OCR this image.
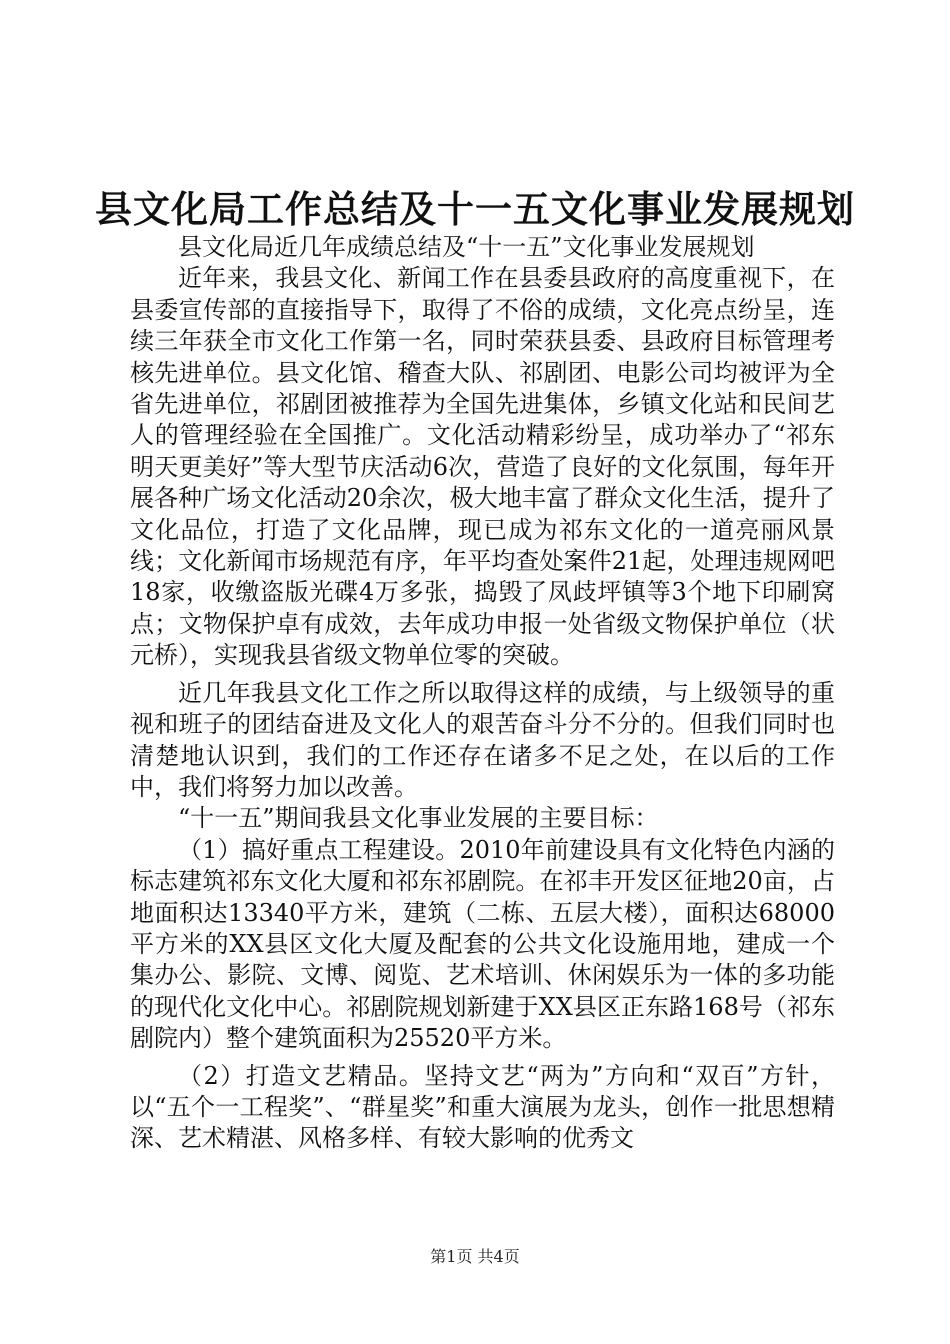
县文化局工作总结及十一五文化事业发展规划

县文化局近几年成绩总结及“十一五”文化事业发展规划

近年来，我县文化、新闻工作在县委县政府的高度重视下，在县委宣传部的直接指导下，取得了不俗的成绩，文化亮点纷呈，连续三年获全市文化工作第一名，同时荣获县委、县政府目标管理考核先进单位。县文化馆、稽查大队、祁剧团、电影公司均被评为全省先进单位，祁剧团被推荐为全国先进集体，乡镇文化站和民间艺人的管理经验在全国推广。文化活动精彩纷呈，成功举办了“祁东明天更美好”等大型节庆活动6次，营造了良好的文化氛围，每年开展各种广场文化活动20余次，极大地丰富了群众文化生活，提升了文化品位，打造了文化品牌，现已成为祁东文化的一道亮丽风景线；文化新闻市场规范有序，年平均查处案件21起，处理违规网吧18家，收缴盗版光碟4万多张，捣毁了凤歧坪镇等3个地下印刷窝点；文物保护卓有成效，去年成功申报一处省级文物保护单位（状元桥），实现我县省级文物单位零的突破。

近几年我县文化工作之所以取得这样的成绩，与上级领导的重视和班子的团结奋进及文化人的艰苦奋斗分不分的。但我们同时也清楚地认识到，我们的工作还存在诸多不足之处，在以后的工作中，我们将努力加以改善。

“十一五”期间我县文化事业发展的主要目标：

（1）搞好重点工程建设。2010年前建设具有文化特色内涵的标志建筑祁东文化大厦和祁东祁剧院。在祁丰开发区征地20亩，占地面积达13340平方米，建筑（二栋、五层大楼），面积达68000平方米的XX县区文化大厦及配套的公共文化设施用地，建成一个集办公、影院、文博、阅览、艺术培训、休闲娱乐为一体的多功能的现代化文化中心。祁剧院规划新建于XX县区正东路168号（祁东剧院内）整个建筑面积为25520平方米。

（2）打造文艺精品。坚持文艺“两为”方向和“双百”方针，以“五个一工程奖”、“群星奖”和重大演展为龙头，创作一批思想精深、艺术精湛、风格多样、有较大影响的优秀文

第1页 共4页
